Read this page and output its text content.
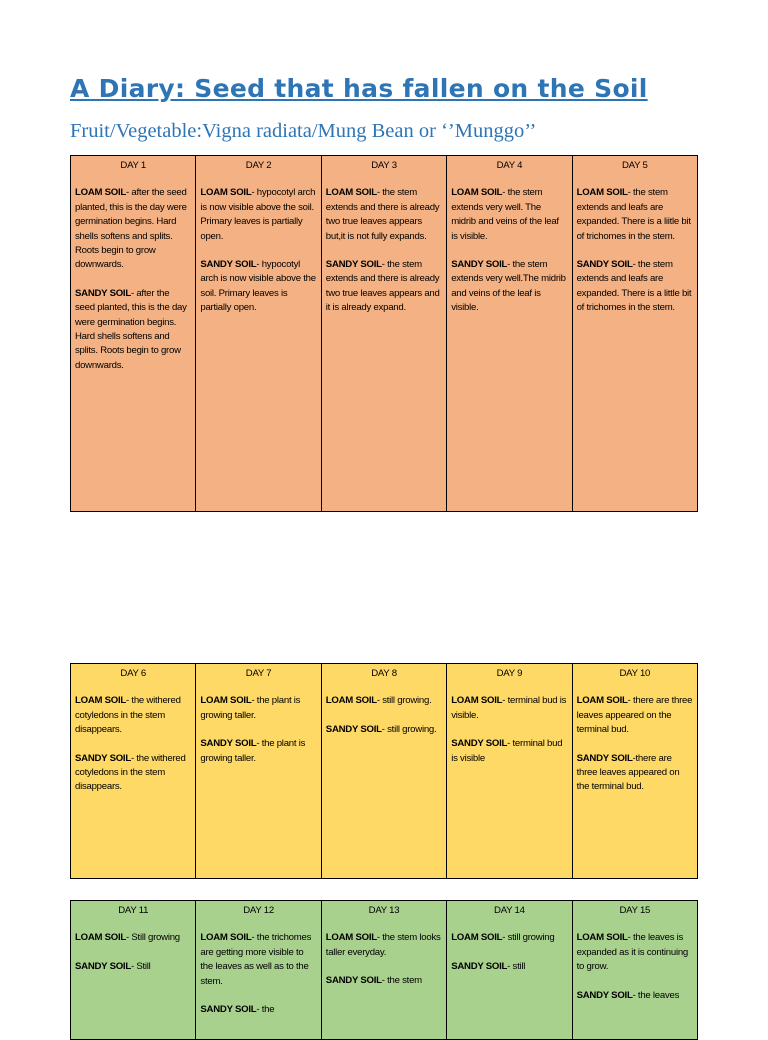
A Diary: Seed that has fallen on the Soil
Fruit/Vegetable:Vigna radiata/Mung Bean or ‘’Munggo’’
DAY 1

LOAM SOIL- after the seed planted, this is the day were germination begins. Hard shells softens and splits. Roots begin to grow downwards.

SANDY SOIL- after the seed planted, this is the day were germination begins. Hard shells softens and splits. Roots begin to grow downwards.

DAY 2

LOAM SOIL- hypocotyl arch is now visible above the soil. Primary leaves is partially open.

SANDY SOIL- hypocotyl arch is now visible above the soil. Primary leaves is partially open.

DAY 3

LOAM SOIL- the stem extends and there is already two true leaves appears but,it is not fully expands.

SANDY SOIL- the stem extends and there is already two true leaves appears and it is already expand.

DAY 4

LOAM SOIL- the stem extends very well. The midrib and veins of the leaf is visible.

SANDY SOIL- the stem extends very well.The midrib and veins of the leaf is visible.

DAY 5

LOAM SOIL- the stem extends and leafs are expanded. There is a liitle bit of trichomes in the stem.

SANDY SOIL- the stem extends and leafs are expanded. There is a little bit of trichomes in the stem.

DAY 6

LOAM SOIL- the withered cotyledons in the stem disappears.

SANDY SOIL- the withered cotyledons in the stem disappears.

DAY 7

LOAM SOIL- the plant is growing taller.

SANDY SOIL- the plant is growing taller.

DAY 8

LOAM SOIL- still growing.

SANDY SOIL- still growing.

DAY 9

LOAM SOIL- terminal bud is visible.

SANDY SOIL- terminal bud is visible

DAY 10

LOAM SOIL- there are three leaves appeared on the terminal bud.

SANDY SOIL-there are three leaves appeared on the terminal bud.

DAY 11

LOAM SOIL- Still growing

SANDY SOIL- Still

DAY 12

LOAM SOIL- the trichomes are getting more visible to the leaves as well as to the stem.

SANDY SOIL- the

DAY 13

LOAM SOIL- the stem looks taller everyday.

SANDY SOIL- the stem

DAY 14

LOAM SOIL- still growing

SANDY SOIL- still

DAY 15

LOAM SOIL- the leaves is expanded as it is continuing to grow.

SANDY SOIL- the leaves
